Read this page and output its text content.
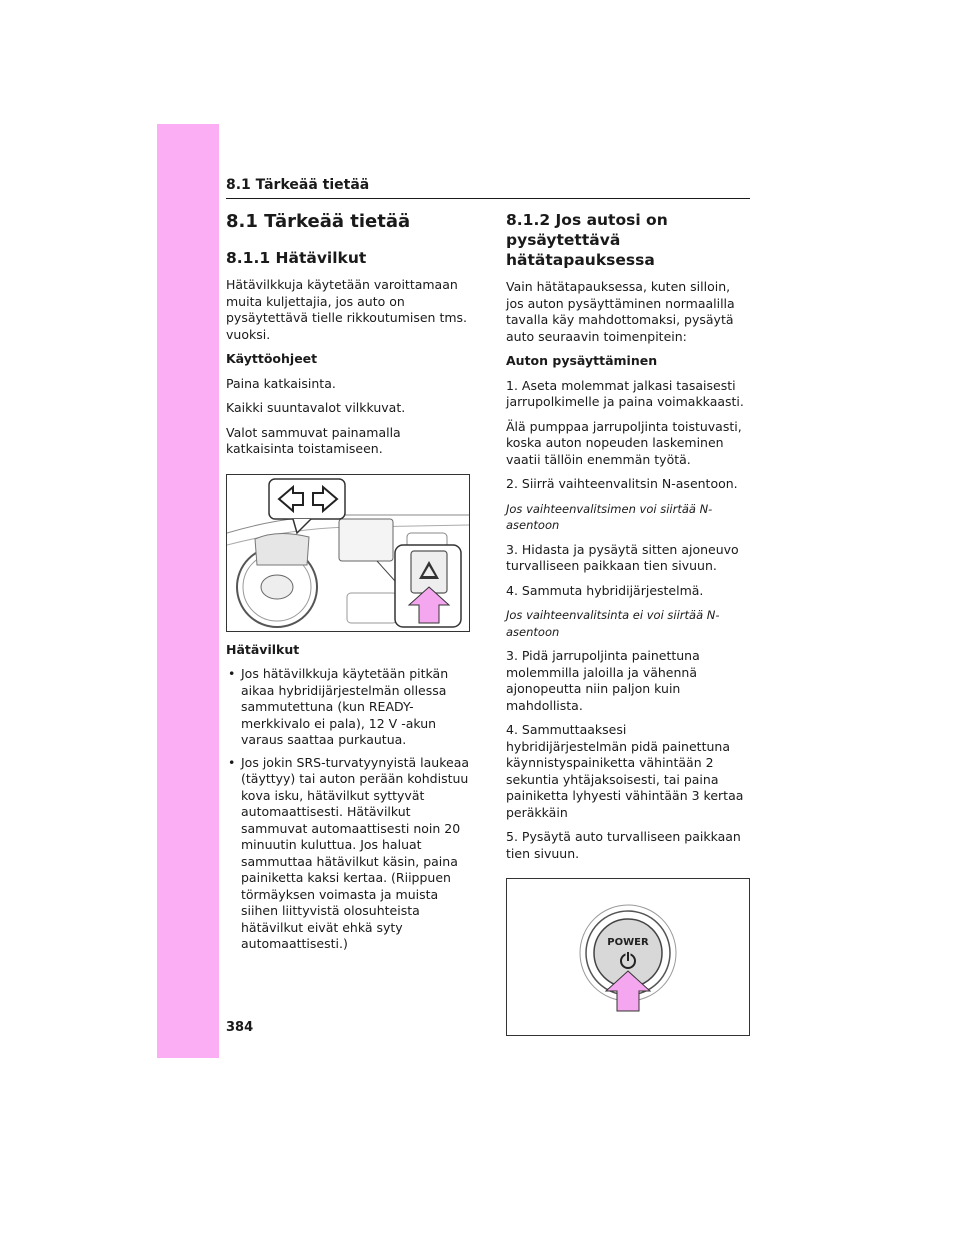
8.1 Tärkeää tietää
8.1 Tärkeää tietää
8.1.1 Hätävilkut

Hätävilkkuja käytetään varoittamaan muita kuljettajia, jos auto on pysäytettävä tielle rikkoutumisen tms. vuoksi.

Käyttöohjeet

Paina katkaisinta.

Kaikki suuntavalot vilkkuvat.

Valot sammuvat painamalla katkaisinta toistamiseen.

Hätävilkut

• Jos hätävilkkuja käytetään pitkän aikaa hybridijärjestelmän ollessa sammutettuna (kun READY-merkkivalo ei pala), 12 V -akun varaus saattaa purkautua.
• Jos jokin SRS-turvatyynyistä laukeaa (täyttyy) tai auton perään kohdistuu kova isku, hätävilkut syttyvät automaattisesti. Hätävilkut sammuvat automaattisesti noin 20 minuutin kuluttua. Jos haluat sammuttaa hätävilkut käsin, paina painiketta kaksi kertaa. (Riippuen törmäyksen voimasta ja muista siihen liittyvistä olosuhteista hätävilkut eivät ehkä syty automaattisesti.)
8.1.2 Jos autosi on pysäytettävä
hätätapauksessa

Vain hätätapauksessa, kuten silloin, jos auton pysäyttäminen normaalilla tavalla käy mahdottomaksi, pysäytä auto seuraavin toimenpitein:

Auton pysäyttäminen

1. Aseta molemmat jalkasi tasaisesti jarrupolkimelle ja paina voimakkaasti.

Älä pumppaa jarrupoljinta toistuvasti, koska auton nopeuden laskeminen vaatii tällöin enemmän työtä.

2. Siirrä vaihteenvalitsin N-asentoon.

Jos vaihteenvalitsimen voi siirtää N-asentoon

3. Hidasta ja pysäytä sitten ajoneuvo turvalliseen paikkaan tien sivuun.

4. Sammuta hybridijärjestelmä.

Jos vaihteenvalitsinta ei voi siirtää N-asentoon

3. Pidä jarrupoljinta painettuna molemmilla jaloilla ja vähennä ajonopeutta niin paljon kuin mahdollista.

4. Sammuttaaksesi hybridijärjestelmän pidä painettuna käynnistyspainiketta vähintään 2 sekuntia yhtäjaksoisesti, tai paina painiketta lyhyesti vähintään 3 kertaa peräkkäin

5. Pysäytä auto turvalliseen paikkaan tien sivuun.

POWER
384
